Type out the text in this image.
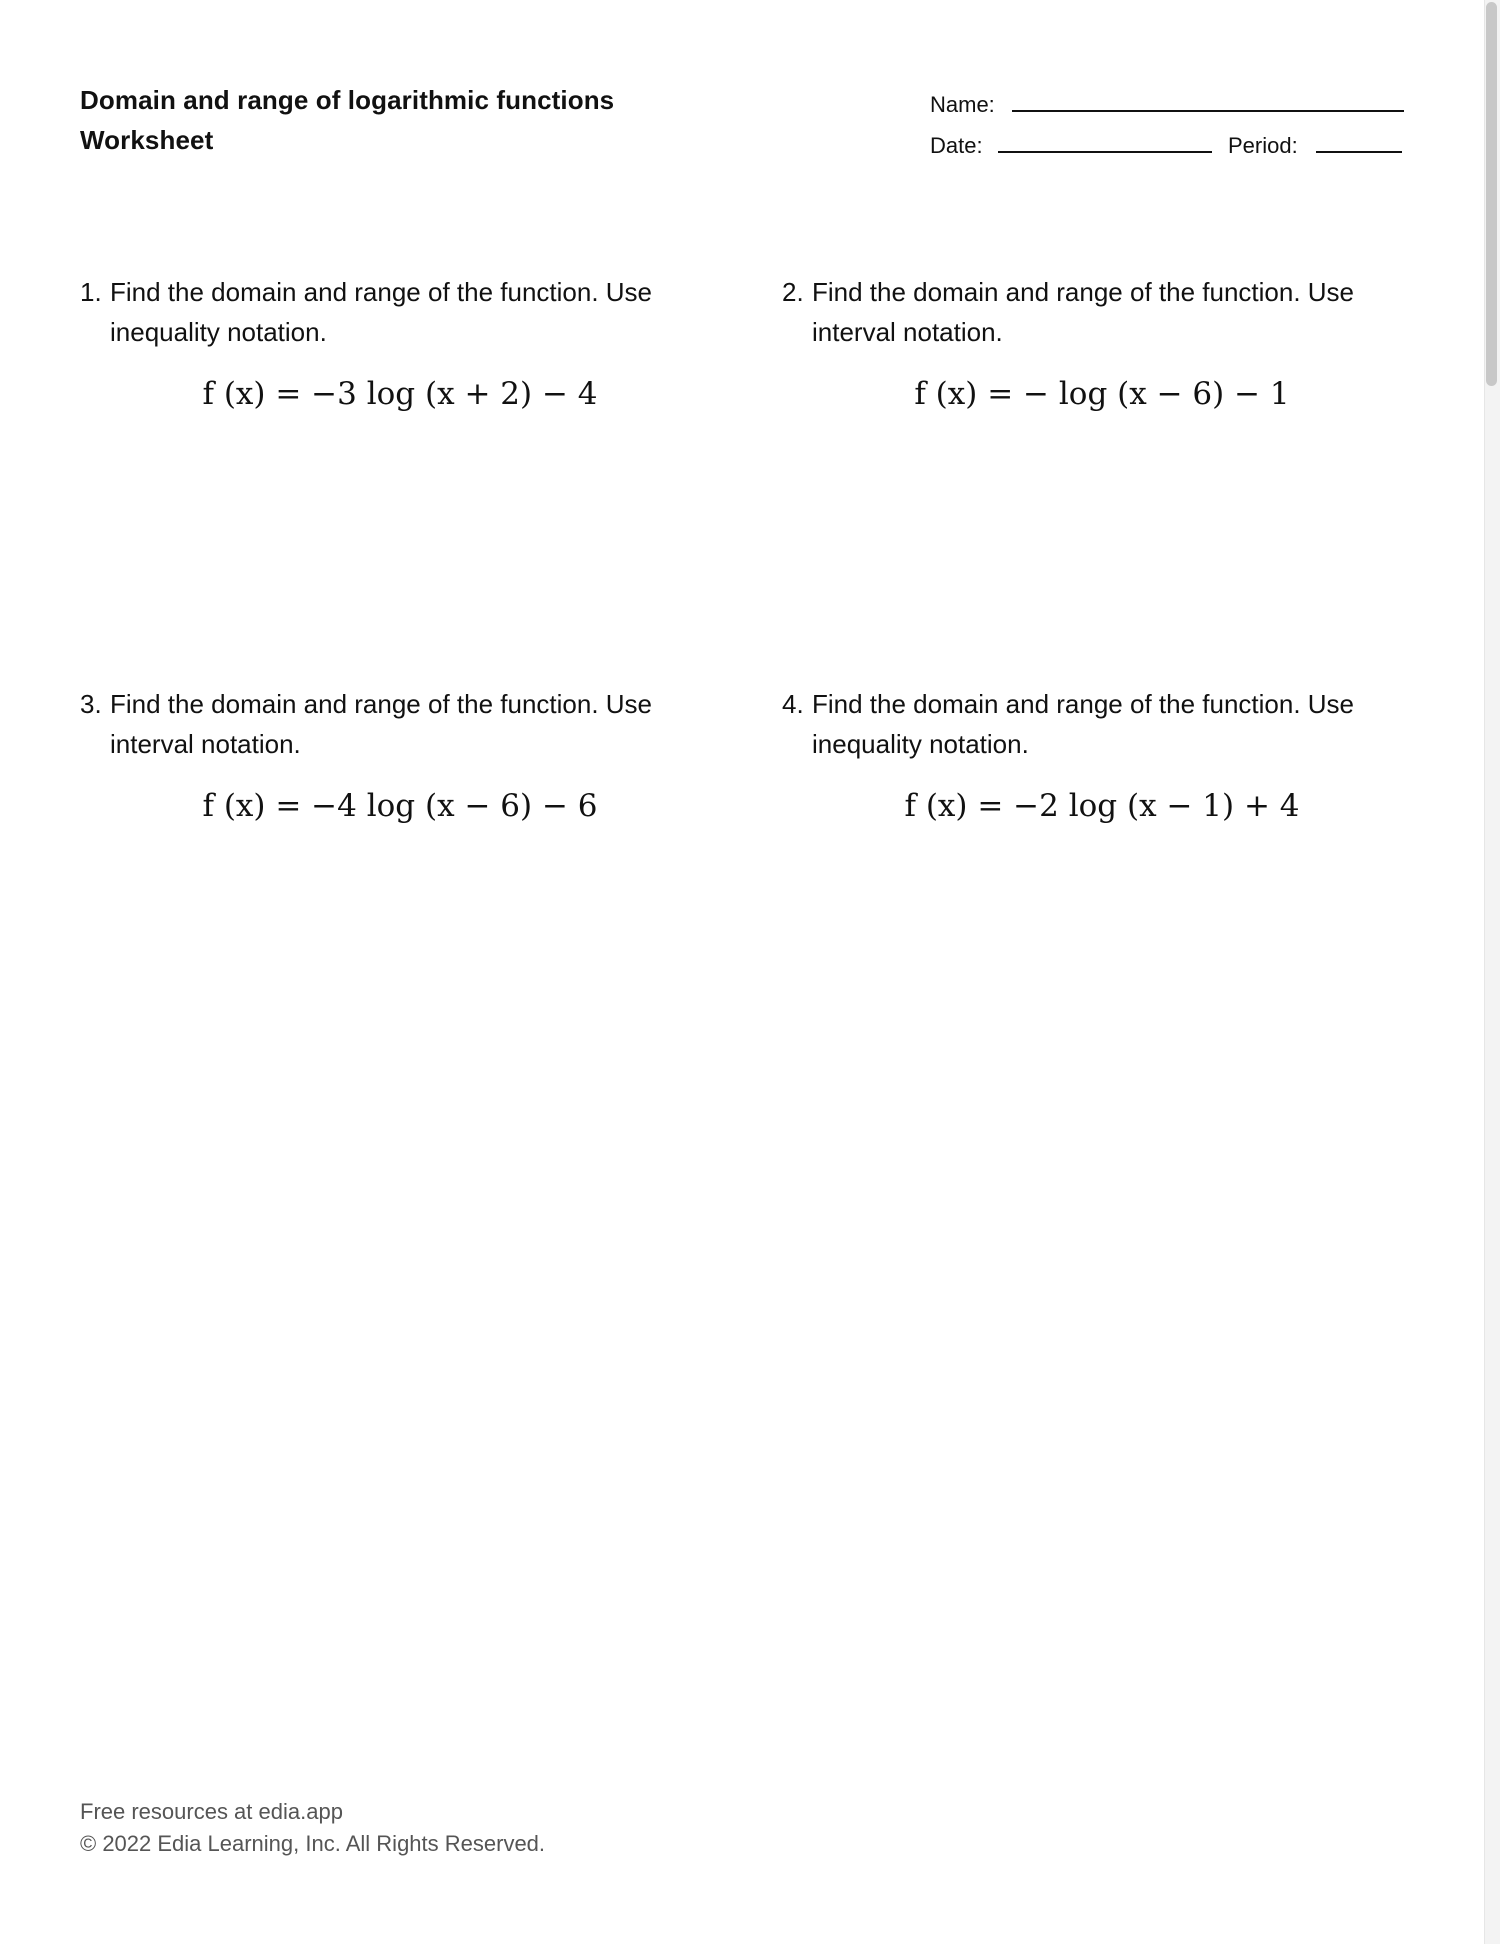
Domain and range of logarithmic functions
Worksheet
Name:
Date:	Period:
1. Find the domain and range of the function. Use
inequality notation.
f (x) = −3 log (x + 2) − 4
2. Find the domain and range of the function. Use
interval notation.
f (x) = − log (x − 6) − 1
3. Find the domain and range of the function. Use
interval notation.
f (x) = −4 log (x − 6) − 6
4. Find the domain and range of the function. Use
inequality notation.
f (x) = −2 log (x − 1) + 4
Free resources at edia.app
© 2022 Edia Learning, Inc. All Rights Reserved.
